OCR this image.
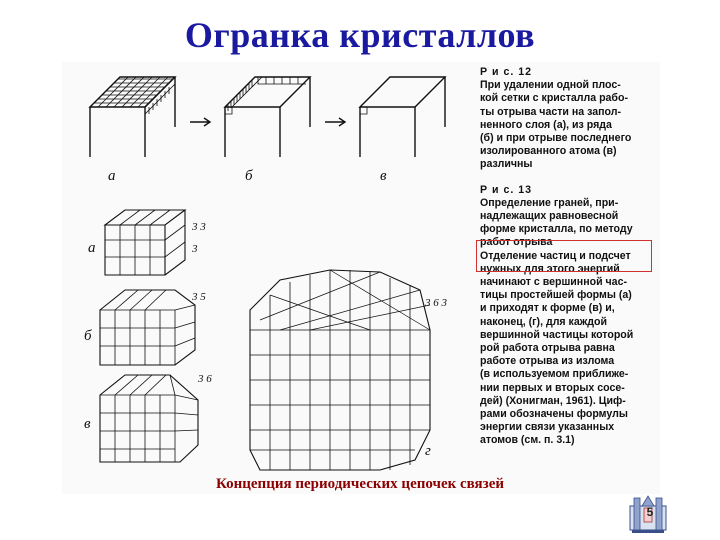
Огранка кристаллов
а	б	в
а
б
в
г
3 3
3
3 5
3 6
3 6 3
Р и с. 12
При удалении одной плос-
кой сетки с кристалла рабо-
ты отрыва части на запол-
ненного слоя (а), из ряда
(б) и при отрыве последнего
изолированного атома (в)
различны
Р и с. 13
Определение граней, при-
надлежащих равновесной
форме кристалла, по методу
работ отрыва
Отделение частиц и подсчет
нужных для этого энергий
начинают с вершинной час-
тицы простейшей формы (а)
и приходят к форме (в) и,
наконец, (г), для каждой
вершинной частицы которой
рой работа отрыва равна
работе отрыва из излома
(в используемом приближе-
нии первых и вторых сосе-
дей) (Хонигман, 1961). Циф-
рами обозначены формулы
энергии связи указанных
атомов (см. п. 3.1)
Концепция периодических цепочек связей
5
